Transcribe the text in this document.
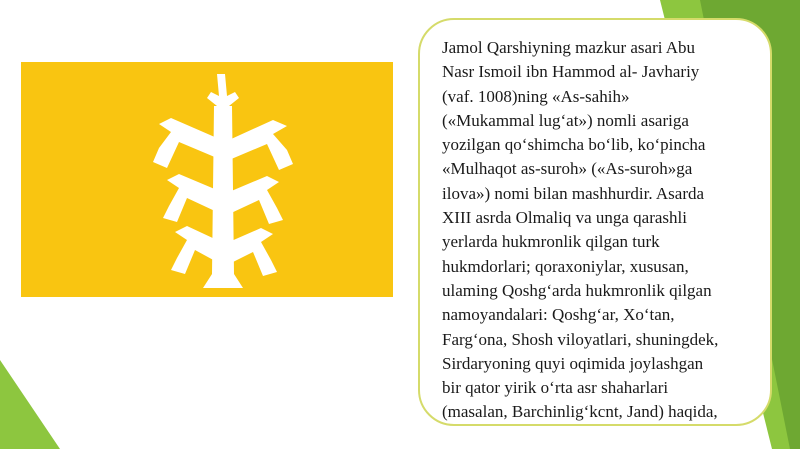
Jamol Qarshiyning mazkur asari Abu
Nasr Ismoil ibn Hammod al- Javhariy
(vaf. 1008)ning «As-sahih»
(«Mukammal lug‘at») nomli asariga
yozilgan qo‘shimcha bo‘lib, ko‘pincha
«Mulhaqot as-suroh» («As-suroh»ga
ilova») nomi bilan mashhurdir. Asarda
XIII asrda Olmaliq va unga qarashli
yerlarda hukmronlik qilgan turk
hukmdorlari; qoraxoniylar, xususan,
ulaming Qoshg‘arda hukmronlik qilgan
namoyandalari: Qoshg‘ar, Xo‘tan,
Farg‘ona, Shosh viloyatlari, shuningdek,
Sirdaryoning quyi oqimida joylashgan
bir qator yirik o‘rta asr shaharlari
(masalan, Barchinlig‘kcnt, Jand) haqida,
